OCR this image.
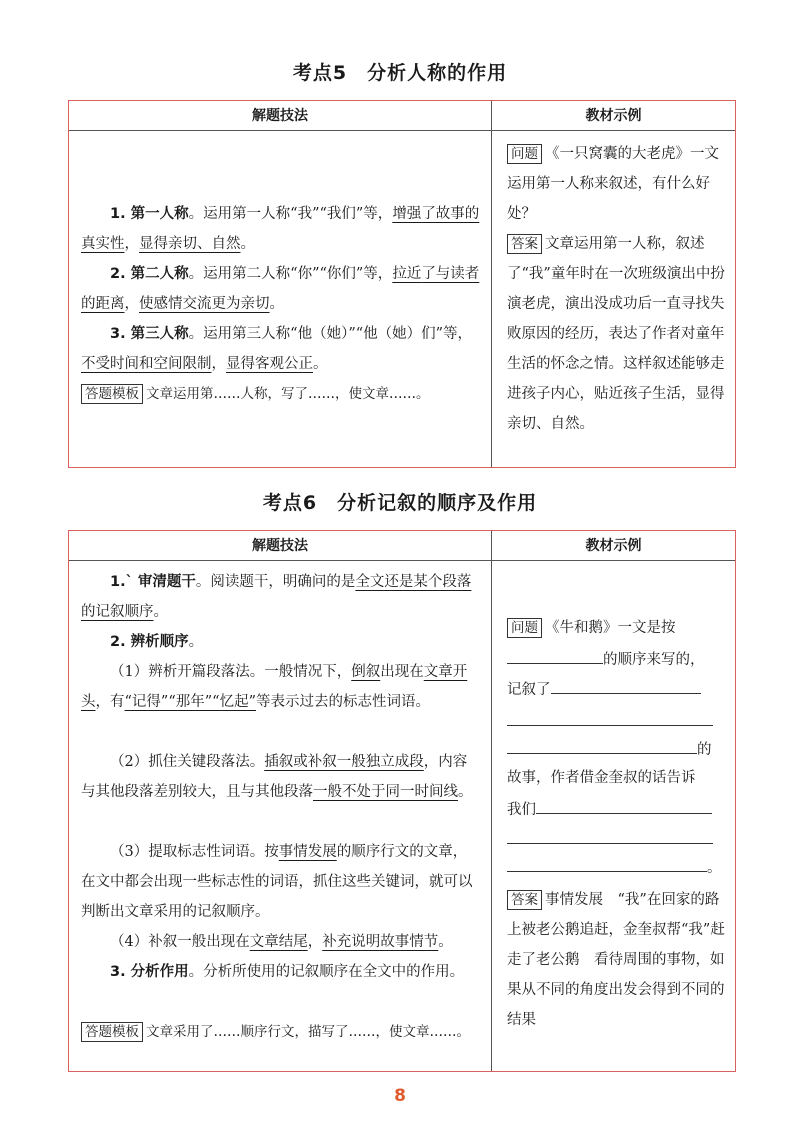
考点5　分析人称的作用
解题技法	教材示例
1. 第一人称。运用第一人称“我”“我们”等，增强了故事的真实性，显得亲切、自然。
2. 第二人称。运用第二人称“你”“你们”等，拉近了与读者的距离，使感情交流更为亲切。
3. 第三人称。运用第三人称“他（她）”“他（她）们”等，不受时间和空间限制，显得客观公正。
答题模板 文章运用第……人称，写了……，使文章……。
问题 《一只窝囊的大老虎》一文运用第一人称来叙述，有什么好处？
答案 文章运用第一人称，叙述了“我”童年时在一次班级演出中扮演老虎，演出没成功后一直寻找失败原因的经历，表达了作者对童年生活的怀念之情。这样叙述能够走进孩子内心，贴近孩子生活，显得亲切、自然。
考点6　分析记叙的顺序及作用
解题技法	教材示例
1.` 审清题干。阅读题干，明确问的是全文还是某个段落的记叙顺序。
2. 辨析顺序。
（1）辨析开篇段落法。一般情况下，倒叙出现在文章开头，有“记得”“那年”“忆起”等表示过去的标志性词语。
（2）抓住关键段落法。插叙或补叙一般独立成段，内容与其他段落差别较大，且与其他段落一般不处于同一时间线。
（3）提取标志性词语。按事情发展的顺序行文的文章，在文中都会出现一些标志性的词语，抓住这些关键词，就可以判断出文章采用的记叙顺序。
（4）补叙一般出现在文章结尾，补充说明故事情节。
3. 分析作用。分析所使用的记叙顺序在全文中的作用。
答题模板 文章采用了……顺序行文，描写了……，使文章……。
问题 《牛和鹅》一文是按
的顺序来写的，
记叙了
的
故事，作者借金奎叔的话告诉
我们
。
答案 事情发展　“我”在回家的路上被老公鹅追赶，金奎叔帮“我”赶走了老公鹅　看待周围的事物，如果从不同的角度出发会得到不同的结果
8
